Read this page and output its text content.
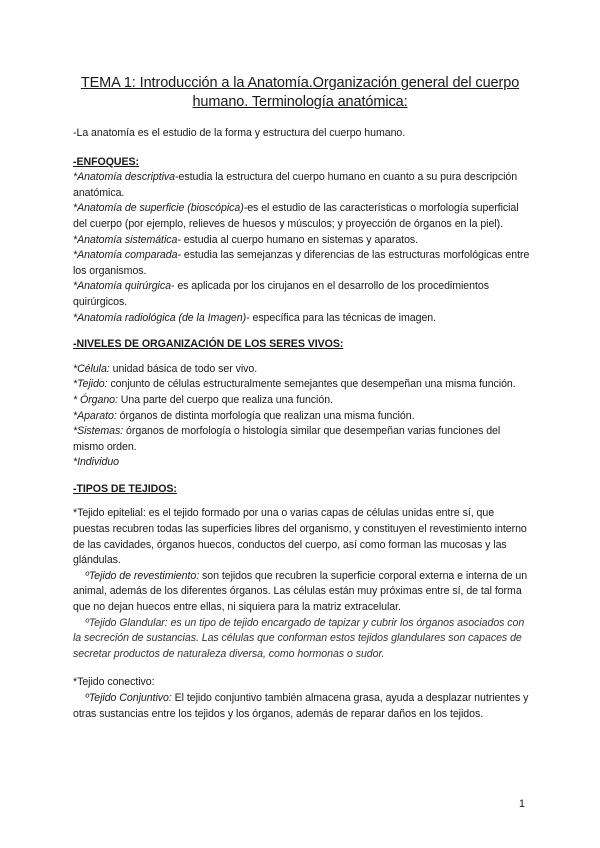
TEMA 1: Introducción a la Anatomía.Organización general del cuerpo humano. Terminología anatómica:

-La anatomía es el estudio de la forma y estructura del cuerpo humano.

-ENFOQUES:

*Anatomía descriptiva-estudia la estructura del cuerpo humano en cuanto a su pura descripción anatómica.

*Anatomía de superficie (bioscópica)-es el estudio de las características o morfología superficial del cuerpo (por ejemplo, relieves de huesos y músculos; y proyección de órganos en la piel).

*Anatomía sistemática- estudia al cuerpo humano en sistemas y aparatos.

*Anatomía comparada- estudia las semejanzas y diferencias de las estructuras morfológicas entre los organismos.

*Anatomía quirúrgica- es aplicada por los cirujanos en el desarrollo de los procedimientos quirúrgicos.

*Anatomía radiológica (de la Imagen)- específica para las técnicas de imagen.

-NIVELES DE ORGANIZACIÓN DE LOS SERES VIVOS:

*Célula: unidad básica de todo ser vivo.

*Tejido: conjunto de células estructuralmente semejantes que desempeñan una misma función.

* Órgano: Una parte del cuerpo que realiza una función.

*Aparato: órganos de distinta morfología que realizan una misma función.

*Sistemas: órganos de morfología o histología similar que desempeñan varias funciones del mismo orden.

*Individuo

-TIPOS DE TEJIDOS:

*Tejido epitelial: es el tejido formado por una o varias capas de células unidas entre sí, que puestas recubren todas las superficies libres del organismo, y constituyen el revestimiento interno de las cavidades, órganos huecos, conductos del cuerpo, así como forman las mucosas y las glándulas.

ºTejido de revestimiento: son tejidos que recubren la superficie corporal externa e interna de un animal, además de los diferentes órganos. Las células están muy próximas entre sí, de tal forma que no dejan huecos entre ellas, ni siquiera para la matriz extracelular.

ºTejido Glandular: es un tipo de tejido encargado de tapizar y cubrir los órganos asociados con la secreción de sustancias. Las células que conforman estos tejidos glandulares son capaces de secretar productos de naturaleza diversa, como hormonas o sudor.

*Tejido conectivo:

ºTejido Conjuntivo: El tejido conjuntivo también almacena grasa, ayuda a desplazar nutrientes y otras sustancias entre los tejidos y los órganos, además de reparar daños en los tejidos.

1
